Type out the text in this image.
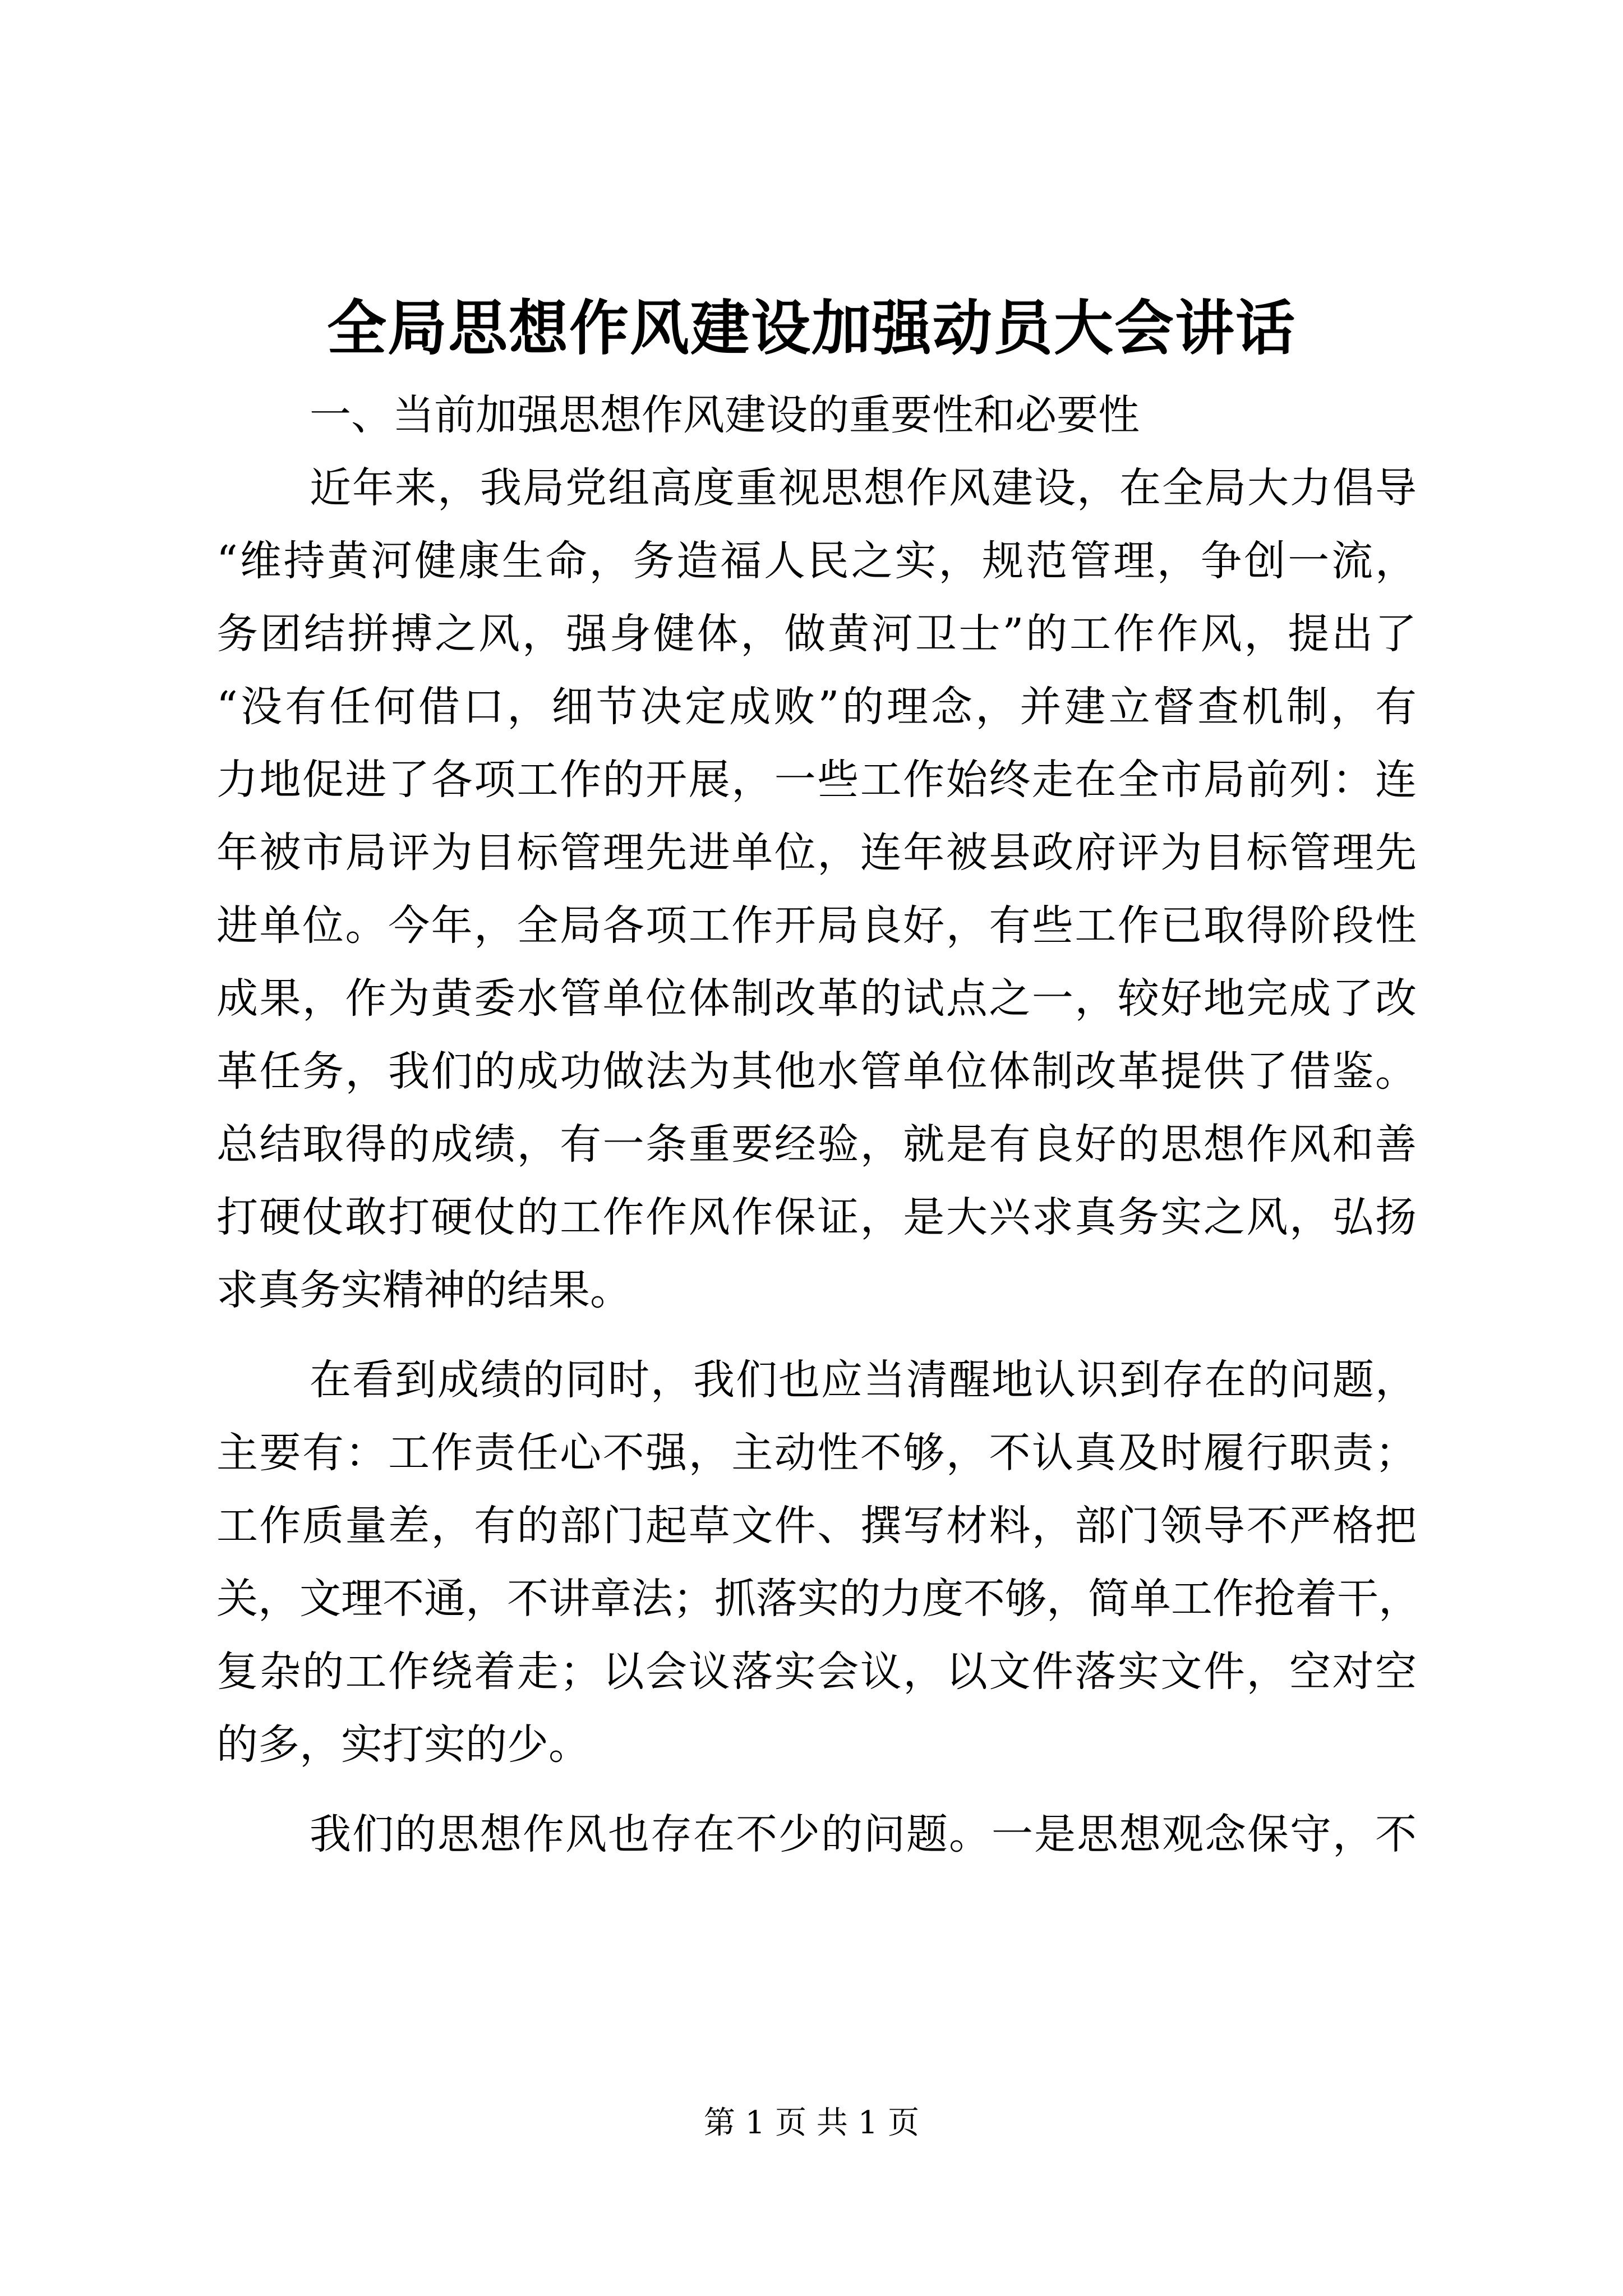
全局思想作风建设加强动员大会讲话
一、当前加强思想作风建设的重要性和必要性
近年来，我局党组高度重视思想作风建设，在全局大力倡导
“维持黄河健康生命，务造福人民之实，规范管理，争创一流，
务团结拼搏之风，强身健体，做黄河卫士”的工作作风，提出了
“没有任何借口，细节决定成败”的理念，并建立督查机制，有
力地促进了各项工作的开展，一些工作始终走在全市局前列：连
年被市局评为目标管理先进单位，连年被县政府评为目标管理先
进单位。今年，全局各项工作开局良好，有些工作已取得阶段性
成果，作为黄委水管单位体制改革的试点之一，较好地完成了改
革任务，我们的成功做法为其他水管单位体制改革提供了借鉴。
总结取得的成绩，有一条重要经验，就是有良好的思想作风和善
打硬仗敢打硬仗的工作作风作保证，是大兴求真务实之风，弘扬
求真务实精神的结果。
在看到成绩的同时，我们也应当清醒地认识到存在的问题，
主要有：工作责任心不强，主动性不够，不认真及时履行职责；
工作质量差，有的部门起草文件、撰写材料，部门领导不严格把
关，文理不通，不讲章法；抓落实的力度不够，简单工作抢着干，
复杂的工作绕着走；以会议落实会议，以文件落实文件，空对空
的多，实打实的少。
我们的思想作风也存在不少的问题。一是思想观念保守，不
第 1 页 共 1 页
